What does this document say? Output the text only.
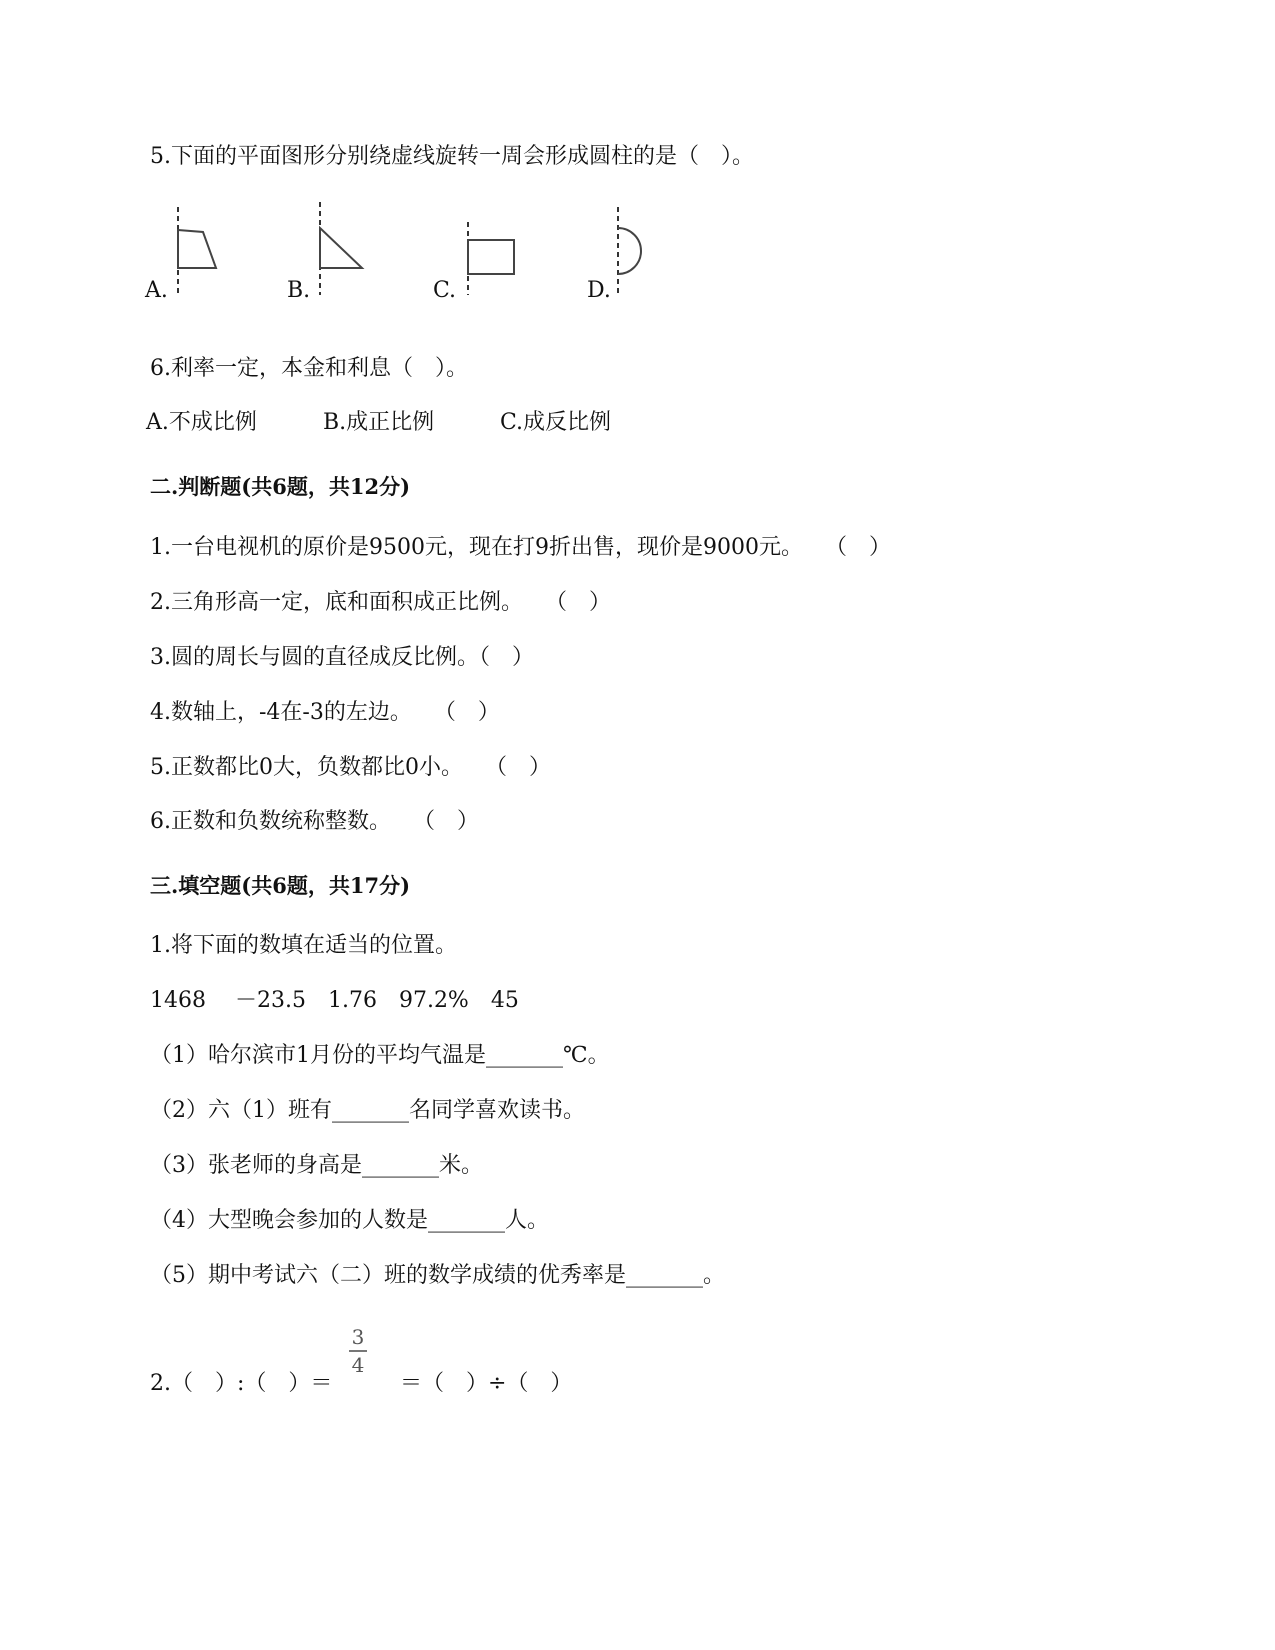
5.下面的平面图形分别绕虚线旋转一周会形成圆柱的是（　）。
A.	B.	C.	D.
6.利率一定，本金和利息（　）。
A.不成比例	B.成正比例	C.成反比例
二.判断题(共6题，共12分)
1.一台电视机的原价是9500元，现在打9折出售，现价是9000元。　　（　）
2.三角形高一定，底和面积成正比例。　　（　）
3.圆的周长与圆的直径成反比例。（　）
4.数轴上，-4在-3的左边。　　（　）
5.正数都比0大，负数都比0小。　　（　）
6.正数和负数统称整数。　　（　）
三.填空题(共6题，共17分)
1.将下面的数填在适当的位置。
1468　 －23.5　1.76　97.2%　45
（1）哈尔滨市1月份的平均气温是_______℃。
（2）六（1）班有_______名同学喜欢读书。
（3）张老师的身高是_______米。
（4）大型晚会参加的人数是_______人。
（5）期中考试六（二）班的数学成绩的优秀率是_______。
2.（　）:（　）＝
3
4
＝（　）÷（　）
